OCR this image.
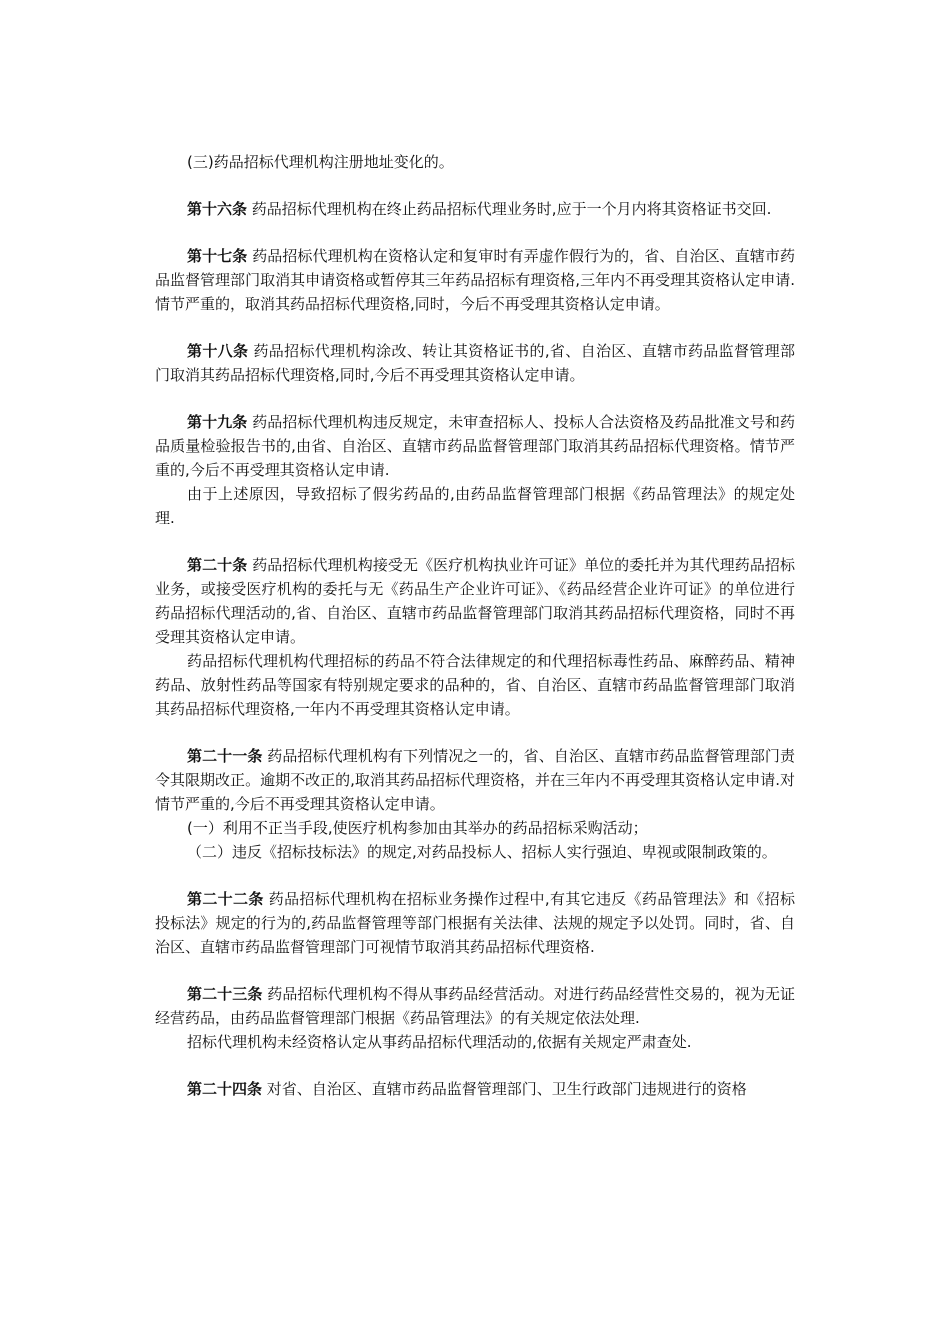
(三)药品招标代理机构注册地址变化的。

第十六条 药品招标代理机构在终止药品招标代理业务时,应于一个月内将其资格证书交回.

第十七条 药品招标代理机构在资格认定和复审时有弄虚作假行为的，省、自治区、直辖市药品监督管理部门取消其申请资格或暂停其三年药品招标有理资格,三年内不再受理其资格认定申请.情节严重的，取消其药品招标代理资格,同时，今后不再受理其资格认定申请。

第十八条 药品招标代理机构涂改、转让其资格证书的,省、自治区、直辖市药品监督管理部门取消其药品招标代理资格,同时,今后不再受理其资格认定申请。

第十九条 药品招标代理机构违反规定，未审查招标人、投标人合法资格及药品批准文号和药品质量检验报告书的,由省、自治区、直辖市药品监督管理部门取消其药品招标代理资格。情节严重的,今后不再受理其资格认定申请.

由于上述原因，导致招标了假劣药品的,由药品监督管理部门根据《药品管理法》的规定处理.

第二十条 药品招标代理机构接受无《医疗机构执业许可证》单位的委托并为其代理药品招标业务，或接受医疗机构的委托与无《药品生产企业许可证》、《药品经营企业许可证》的单位进行药品招标代理活动的,省、自治区、直辖市药品监督管理部门取消其药品招标代理资格，同时不再受理其资格认定申请。

药品招标代理机构代理招标的药品不符合法律规定的和代理招标毒性药品、麻醉药品、精神药品、放射性药品等国家有特别规定要求的品种的，省、自治区、直辖市药品监督管理部门取消其药品招标代理资格,一年内不再受理其资格认定申请。

第二十一条 药品招标代理机构有下列情况之一的，省、自治区、直辖市药品监督管理部门责令其限期改正。逾期不改正的,取消其药品招标代理资格，并在三年内不再受理其资格认定申请.对情节严重的,今后不再受理其资格认定申请。

(一）利用不正当手段,使医疗机构参加由其举办的药品招标采购活动；

（二）违反《招标技标法》的规定,对药品投标人、招标人实行强迫、卑视或限制政策的。

第二十二条 药品招标代理机构在招标业务操作过程中,有其它违反《药品管理法》和《招标投标法》规定的行为的,药品监督管理等部门根据有关法律、法规的规定予以处罚。同时，省、自治区、直辖市药品监督管理部门可视情节取消其药品招标代理资格.

第二十三条 药品招标代理机构不得从事药品经营活动。对进行药品经营性交易的，视为无证经营药品，由药品监督管理部门根据《药品管理法》的有关规定依法处理.

招标代理机构未经资格认定从事药品招标代理活动的,依据有关规定严肃查处.

第二十四条 对省、自治区、直辖市药品监督管理部门、卫生行政部门违规进行的资格
